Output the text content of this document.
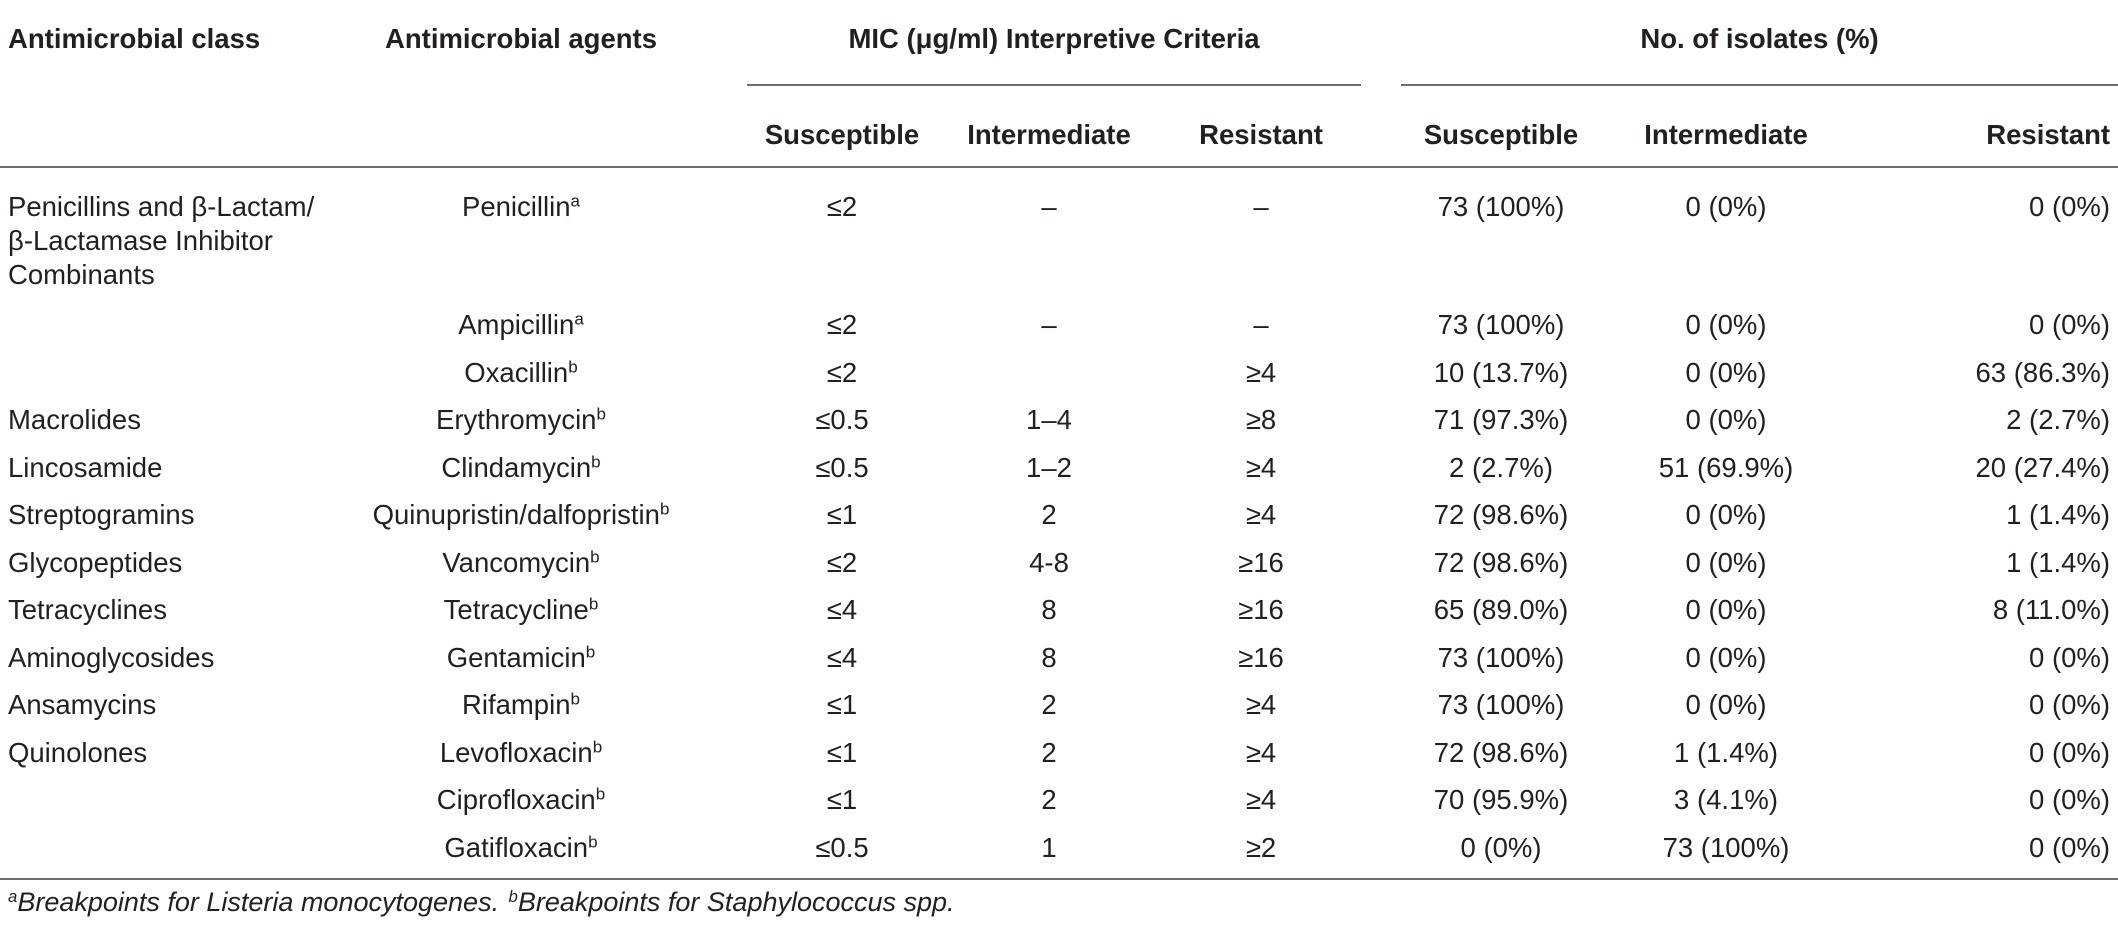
Antimicrobial class	Antimicrobial agents		MIC (μg/ml) Interpretive Criteria				No. of isolates (%)		
			Susceptible	Intermediate	Resistant		Susceptible	Intermediate	Resistant
Penicillins and β-Lactam/β-Lactamase Inhibitor Combinants	Penicillin$^a$		≤2	–	–		73 (100%)	0 (0%)	0 (0%)
	Ampicillin$^a$		≤2	–	–		73 (100%)	0 (0%)	0 (0%)
	Oxacillin$^b$		≤2		≥4		10 (13.7%)	0 (0%)	63 (86.3%)
Macrolides	Erythromycin$^b$		≤0.5	1–4	≥8		71 (97.3%)	0 (0%)	2 (2.7%)
Lincosamide	Clindamycin$^b$		≤0.5	1–2	≥4		2 (2.7%)	51 (69.9%)	20 (27.4%)
Streptogramins	Quinupristin/dalfopristin$^b$		≤1	2	≥4		72 (98.6%)	0 (0%)	1 (1.4%)
Glycopeptides	Vancomycin$^b$		≤2	4-8	≥16		72 (98.6%)	0 (0%)	1 (1.4%)
Tetracyclines	Tetracycline$^b$		≤4	8	≥16		65 (89.0%)	0 (0%)	8 (11.0%)
Aminoglycosides	Gentamicin$^b$		≤4	8	≥16		73 (100%)	0 (0%)	0 (0%)
Ansamycins	Rifampin$^b$		≤1	2	≥4		73 (100%)	0 (0%)	0 (0%)
Quinolones	Levofloxacin$^b$		≤1	2	≥4		72 (98.6%)	1 (1.4%)	0 (0%)
	Ciprofloxacin$^b$		≤1	2	≥4		70 (95.9%)	3 (4.1%)	0 (0%)
	Gatifloxacin$^b$		≤0.5	1	≥2		0 (0%)	73 (100%)	0 (0%)
$^a$Breakpoints for Listeria monocytogenes. $^b$Breakpoints for Staphylococcus spp.
